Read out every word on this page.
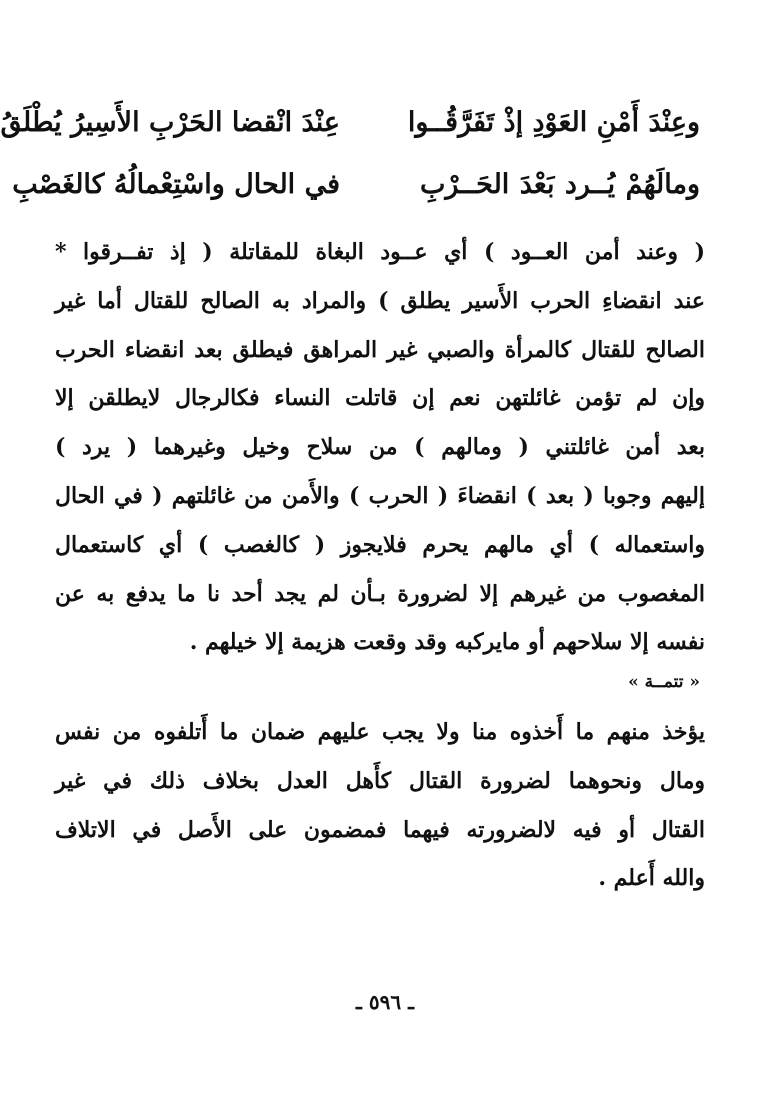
وعِنْدَ أَمْنِ العَوْدِ إذْ تَفَرَّقُــوا
عِنْدَ انْقضا الحَرْبِ الأَسِيرُ يُطْلَقُ
ومالَهُمْ يُــرد بَعْدَ الحَــرْبِ
في الحال واسْتِعْمالُهُ كالغَصْبِ
( وعند أمن العــود ) أي عــود البغاة للمقاتلة ( إذ تفــرقوا *
عند انقضاءِ الحرب الأَسير يطلق ) والمراد به الصالح للقتال أما غير
الصالح للقتال كالمرأة والصبي غير المراهق فيطلق بعد انقضاء الحرب
وإن لم تؤمن غائلتهن نعم إن قاتلت النساء فكالرجال لايطلقن إلا
بعد أمن غائلتني ( ومالهم ) من سلاح وخيل وغيرهما ( يرد )
إليهم وجوبا ( بعد ) انقضاءَ ( الحرب ) والأَمن من غائلتهم ( في الحال
واستعماله ) أي مالهم يحرم فلايجوز ( كالغصب ) أي كاستعمال
المغصوب من غيرهم إلا لضرورة بـأن لم يجد أحد نا ما يدفع به عن
نفسه إلا سلاحهم أو مايركبه وقد وقعت هزيمة إلا خيلهم .
« تتمــة »
يؤخذ منهم ما أَخذوه منا ولا يجب عليهم ضمان ما أَتلفوه من نفس
ومال ونحوهما لضرورة القتال كأَهل العدل بخلاف ذلك في غير
القتال أو فيه لالضرورته فيهما فمضمون على الأَصل في الاتلاف
والله أَعلم .
ـ ٥٩٦ ـ
